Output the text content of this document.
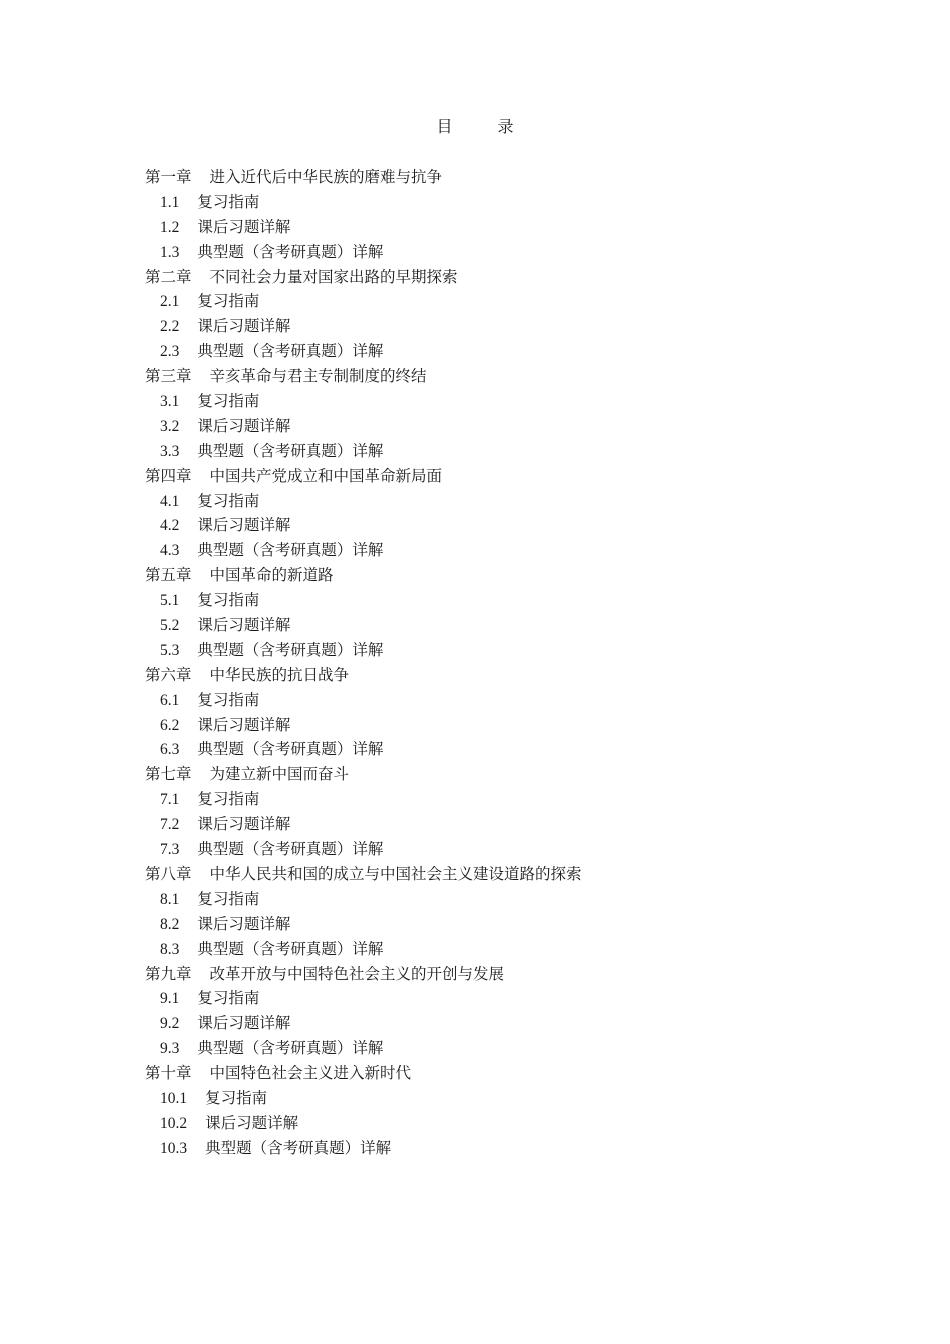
目 录
第一章 进入近代后中华民族的磨难与抗争
1.1 复习指南
1.2 课后习题详解
1.3 典型题（含考研真题）详解
第二章 不同社会力量对国家出路的早期探索
2.1 复习指南
2.2 课后习题详解
2.3 典型题（含考研真题）详解
第三章 辛亥革命与君主专制制度的终结
3.1 复习指南
3.2 课后习题详解
3.3 典型题（含考研真题）详解
第四章 中国共产党成立和中国革命新局面
4.1 复习指南
4.2 课后习题详解
4.3 典型题（含考研真题）详解
第五章 中国革命的新道路
5.1 复习指南
5.2 课后习题详解
5.3 典型题（含考研真题）详解
第六章 中华民族的抗日战争
6.1 复习指南
6.2 课后习题详解
6.3 典型题（含考研真题）详解
第七章 为建立新中国而奋斗
7.1 复习指南
7.2 课后习题详解
7.3 典型题（含考研真题）详解
第八章 中华人民共和国的成立与中国社会主义建设道路的探索
8.1 复习指南
8.2 课后习题详解
8.3 典型题（含考研真题）详解
第九章 改革开放与中国特色社会主义的开创与发展
9.1 复习指南
9.2 课后习题详解
9.3 典型题（含考研真题）详解
第十章 中国特色社会主义进入新时代
10.1 复习指南
10.2 课后习题详解
10.3 典型题（含考研真题）详解
